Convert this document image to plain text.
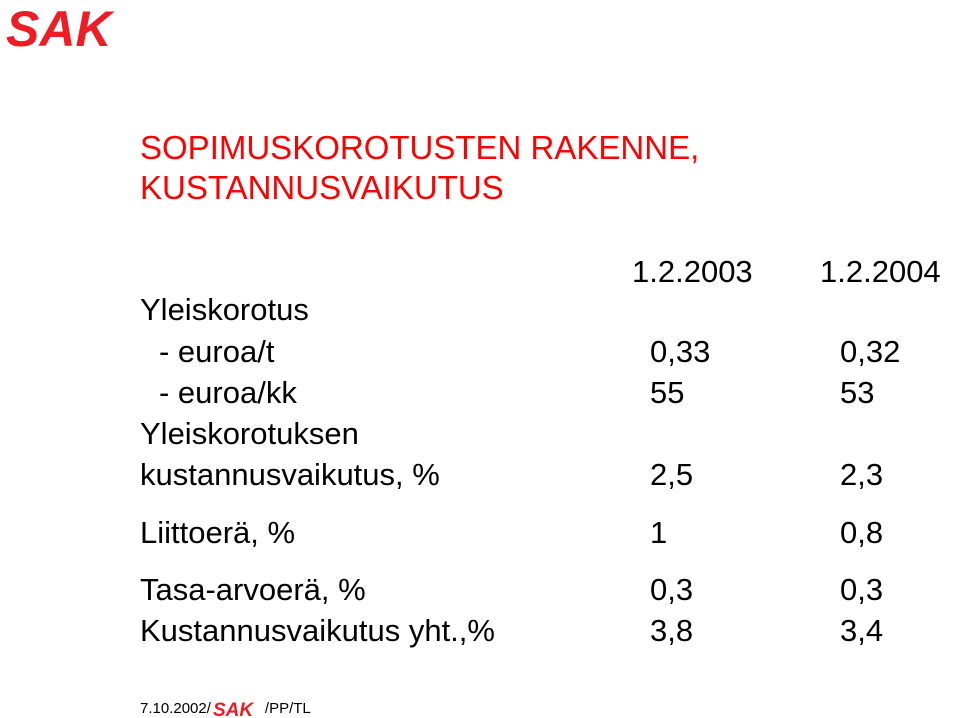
SAK
SOPIMUSKOROTUSTEN RAKENNE,
KUSTANNUSVAIKUTUS
1.2.2003 1.2.2004
Yleiskorotus
- euroa/t	0,33	0,32
- euroa/kk	55	53
Yleiskorotuksen
kustannusvaikutus, %	2,5	2,3
Liittoerä, %	1	0,8
Tasa-arvoerä, %	0,3	0,3
Kustannusvaikutus yht.,%	3,8	3,4
7.10.2002/ SAK /PP/TL
